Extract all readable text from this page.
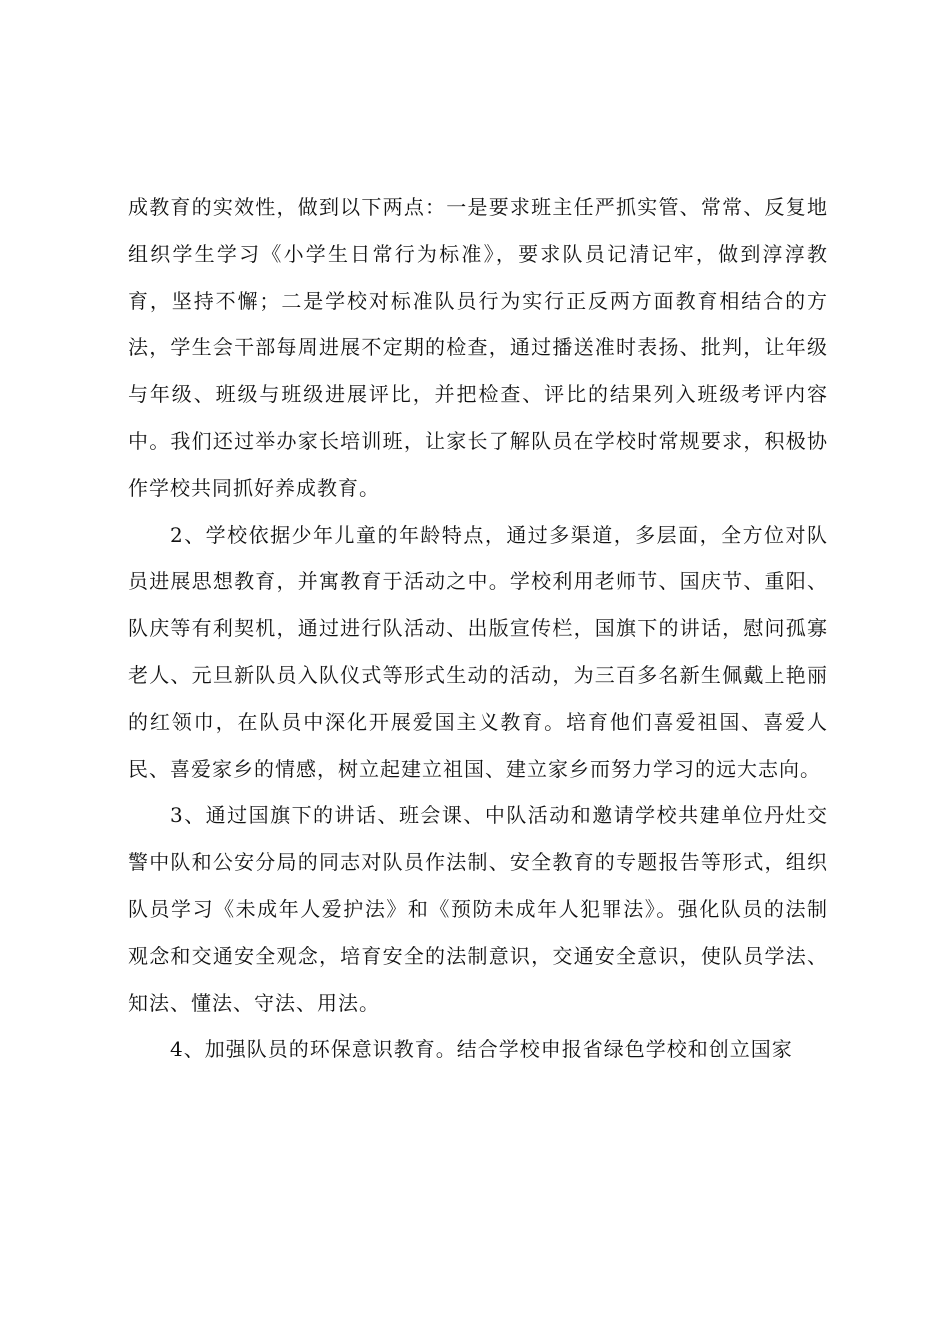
成教育的实效性，做到以下两点：一是要求班主任严抓实管、常常、反复地组织学生学习《小学生日常行为标准》，要求队员记清记牢，做到淳淳教育，坚持不懈；二是学校对标准队员行为实行正反两方面教育相结合的方法，学生会干部每周进展不定期的检查，通过播送准时表扬、批判，让年级与年级、班级与班级进展评比，并把检查、评比的结果列入班级考评内容中。我们还过举办家长培训班，让家长了解队员在学校时常规要求，积极协作学校共同抓好养成教育。

2、学校依据少年儿童的年龄特点，通过多渠道，多层面，全方位对队员进展思想教育，并寓教育于活动之中。学校利用老师节、国庆节、重阳、队庆等有利契机，通过进行队活动、出版宣传栏，国旗下的讲话，慰问孤寡老人、元旦新队员入队仪式等形式生动的活动，为三百多名新生佩戴上艳丽的红领巾，在队员中深化开展爱国主义教育。培育他们喜爱祖国、喜爱人民、喜爱家乡的情感，树立起建立祖国、建立家乡而努力学习的远大志向。

3、通过国旗下的讲话、班会课、中队活动和邀请学校共建单位丹灶交警中队和公安分局的同志对队员作法制、安全教育的专题报告等形式，组织队员学习《未成年人爱护法》和《预防未成年人犯罪法》。强化队员的法制观念和交通安全观念，培育安全的法制意识，交通安全意识，使队员学法、知法、懂法、守法、用法。

4、加强队员的环保意识教育。结合学校申报省绿色学校和创立国家
